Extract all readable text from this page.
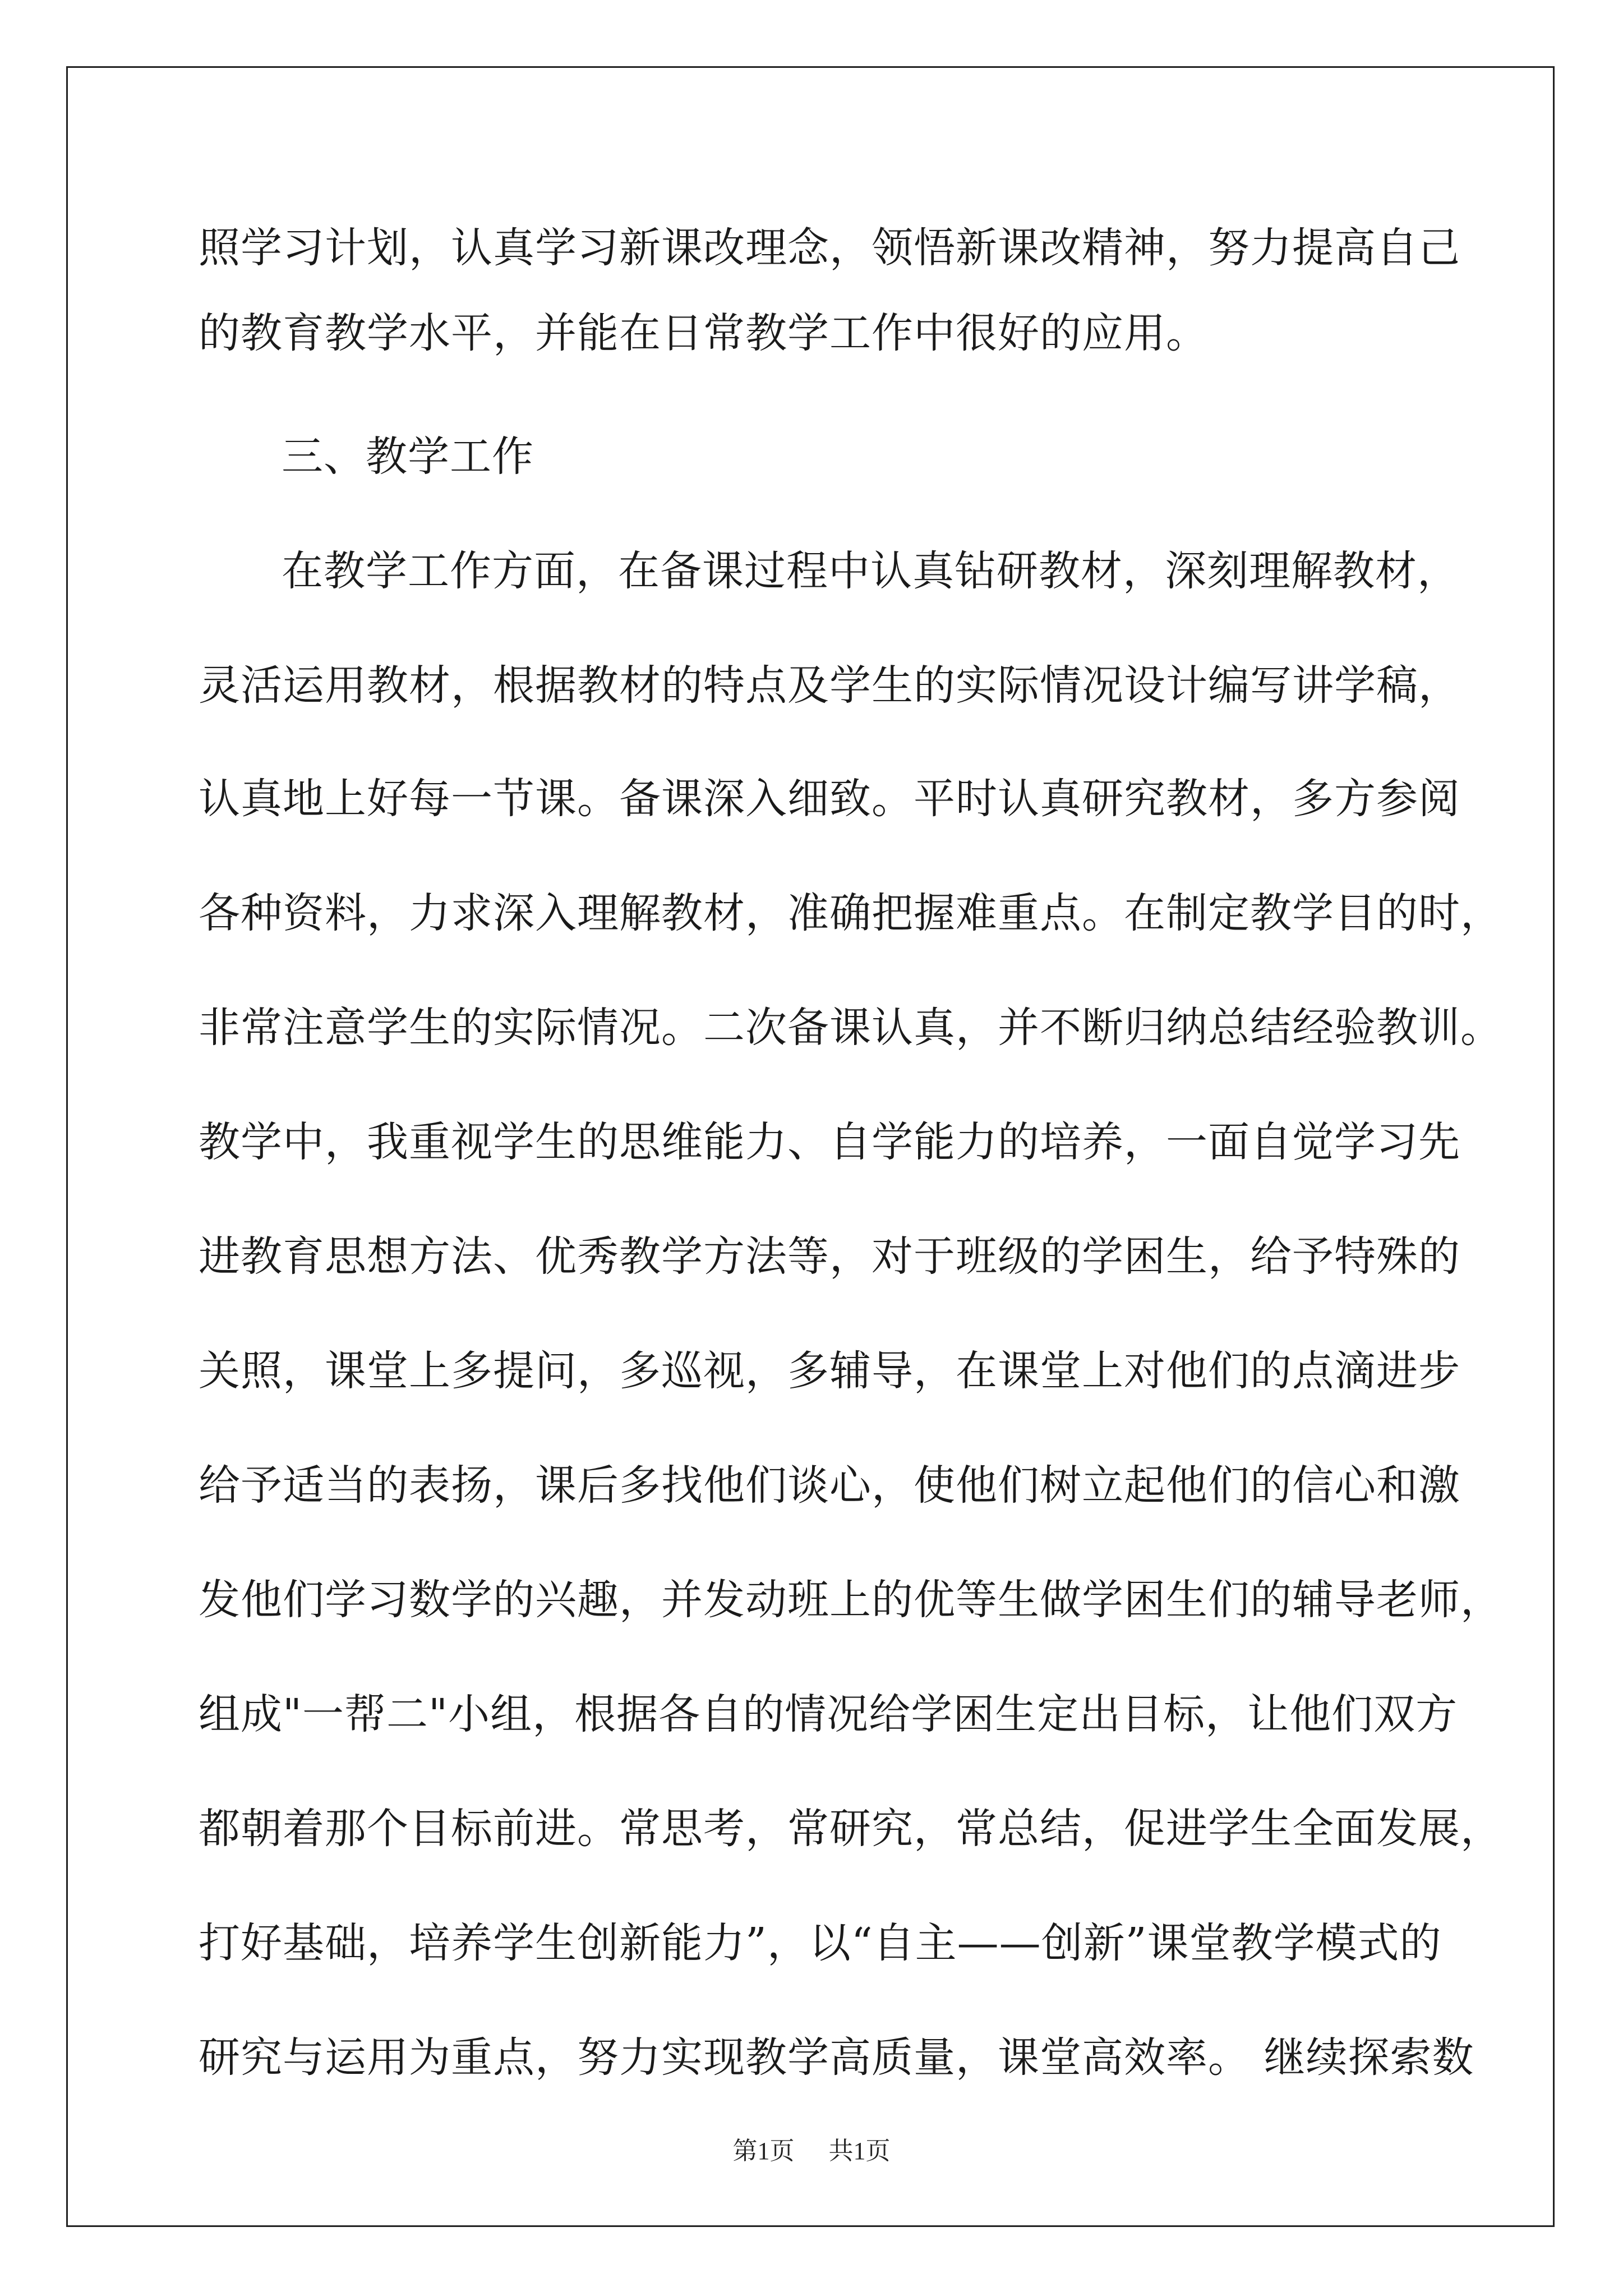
照学习计划，认真学习新课改理念，领悟新课改精神，努力提高自己
的教育教学水平，并能在日常教学工作中很好的应用。
三、教学工作
在教学工作方面，在备课过程中认真钻研教材，深刻理解教材，
灵活运用教材，根据教材的特点及学生的实际情况设计编写讲学稿，
认真地上好每一节课。备课深入细致。平时认真研究教材，多方参阅
各种资料，力求深入理解教材，准确把握难重点。在制定教学目的时，
非常注意学生的实际情况。二次备课认真，并不断归纳总结经验教训。
教学中，我重视学生的思维能力、自学能力的培养，一面自觉学习先
进教育思想方法、优秀教学方法等，对于班级的学困生，给予特殊的
关照，课堂上多提问，多巡视，多辅导，在课堂上对他们的点滴进步
给予适当的表扬，课后多找他们谈心，使他们树立起他们的信心和激
发他们学习数学的兴趣，并发动班上的优等生做学困生们的辅导老师，
组成"一帮二"小组，根据各自的情况给学困生定出目标，让他们双方
都朝着那个目标前进。常思考，常研究，常总结，促进学生全面发展，
打好基础，培养学生创新能力”，以“自主——创新”课堂教学模式的
研究与运用为重点，努力实现教学高质量，课堂高效率。 继续探索数
第1页 共1页
